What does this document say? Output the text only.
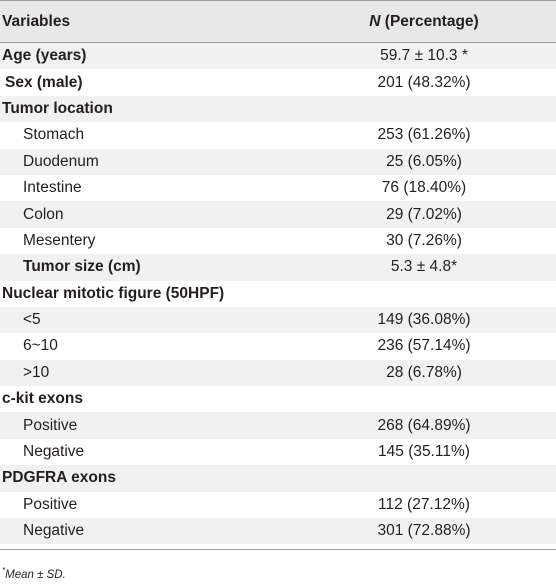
Variables	N (Percentage)
Age (years)	59.7 ± 10.3 *
Sex (male)	201 (48.32%)
Tumor location
Stomach	253 (61.26%)
Duodenum	25 (6.05%)
Intestine	76 (18.40%)
Colon	29 (7.02%)
Mesentery	30 (7.26%)
Tumor size (cm)	5.3 ± 4.8*
Nuclear mitotic figure (50HPF)
<5	149 (36.08%)
6~10	236 (57.14%)
>10	28 (6.78%)
c-kit exons
Positive	268 (64.89%)
Negative	145 (35.11%)
PDGFRA exons
Positive	112 (27.12%)
Negative	301 (72.88%)
*Mean ± SD.
